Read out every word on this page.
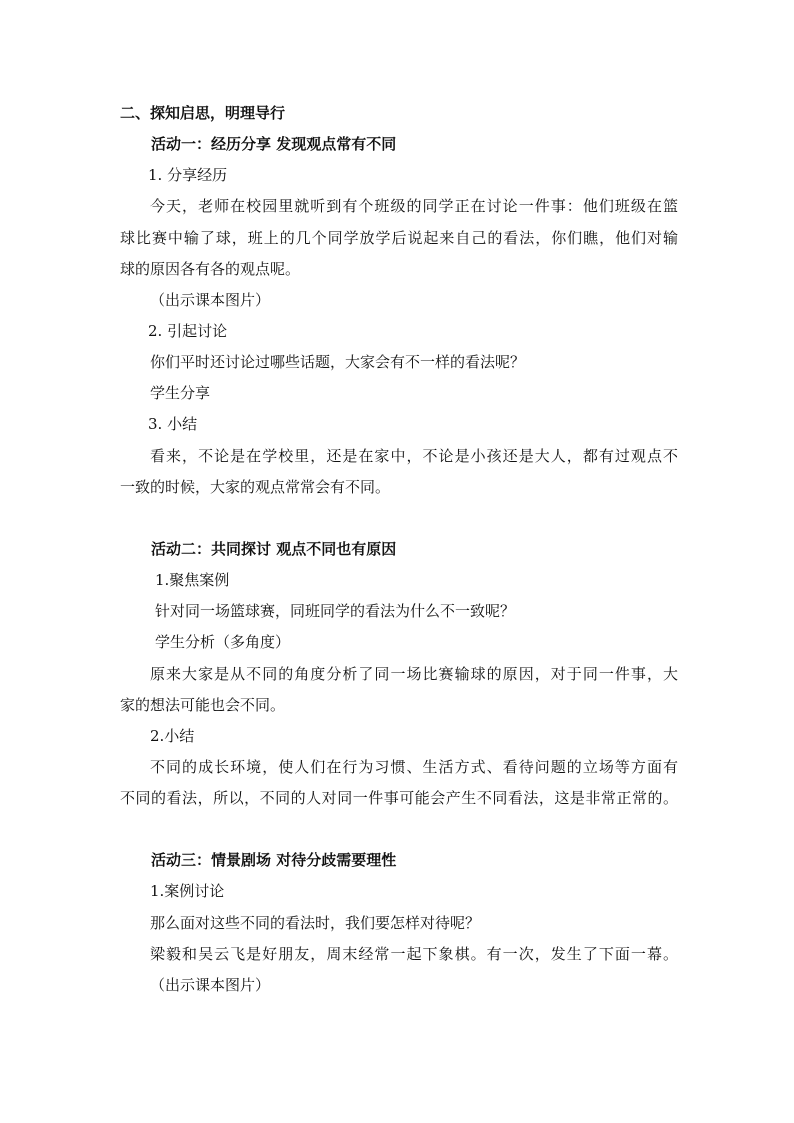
二、探知启思，明理导行

活动一：经历分享 发现观点常有不同

1. 分享经历

今天，老师在校园里就听到有个班级的同学正在讨论一件事：他们班级在篮

球比赛中输了球，班上的几个同学放学后说起来自己的看法，你们瞧，他们对输

球的原因各有各的观点呢。

（出示课本图片）

2. 引起讨论

你们平时还讨论过哪些话题，大家会有不一样的看法呢？

学生分享

3. 小结

看来，不论是在学校里，还是在家中，不论是小孩还是大人，都有过观点不

一致的时候，大家的观点常常会有不同。

活动二：共同探讨 观点不同也有原因

1.聚焦案例

针对同一场篮球赛，同班同学的看法为什么不一致呢？

学生分析（多角度）

原来大家是从不同的角度分析了同一场比赛输球的原因，对于同一件事，大

家的想法可能也会不同。

2.小结

不同的成长环境，使人们在行为习惯、生活方式、看待问题的立场等方面有

不同的看法，所以，不同的人对同一件事可能会产生不同看法，这是非常正常的。

活动三：情景剧场 对待分歧需要理性

1.案例讨论

那么面对这些不同的看法时，我们要怎样对待呢？

梁毅和吴云飞是好朋友，周末经常一起下象棋。有一次，发生了下面一幕。

（出示课本图片）
